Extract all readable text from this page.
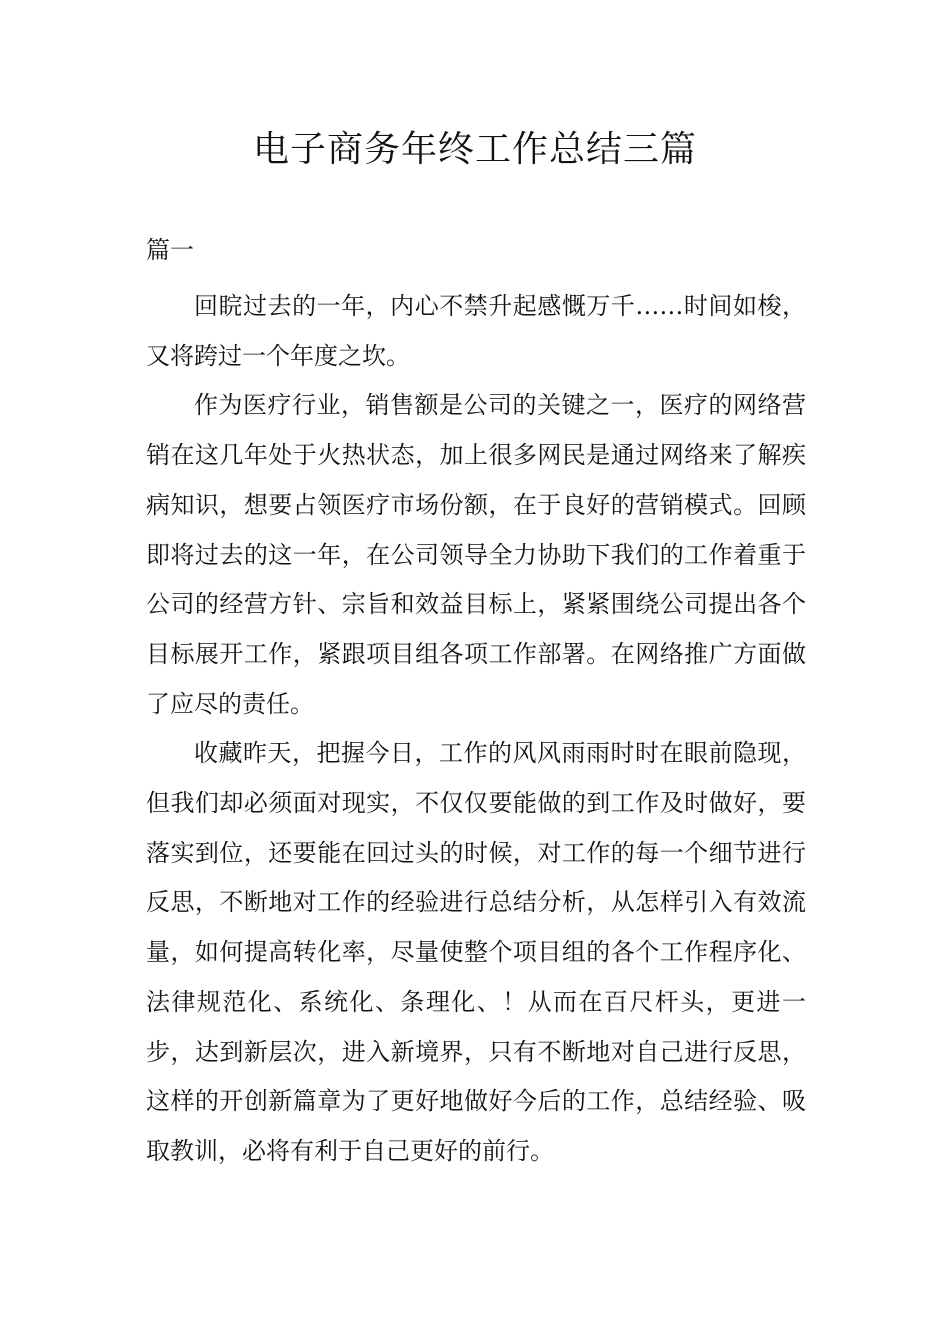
电子商务年终工作总结三篇
篇一

回睆过去的一年，内心不禁升起感慨万千……时间如梭，又将跨过一个年度之坎。

作为医疗行业，销售额是公司的关键之一，医疗的网络营销在这几年处于火热状态，加上很多网民是通过网络来了解疾病知识，想要占领医疗市场份额，在于良好的营销模式。回顾即将过去的这一年，在公司领导全力协助下我们的工作着重于公司的经营方针、宗旨和效益目标上，紧紧围绕公司提出各个目标展开工作，紧跟项目组各项工作部署。在网络推广方面做了应尽的责任。

收藏昨天，把握今日，工作的风风雨雨时时在眼前隐现，但我们却必须面对现实，不仅仅要能做的到工作及时做好，要落实到位，还要能在回过头的时候，对工作的每一个细节进行反思，不断地对工作的经验进行总结分析，从怎样引入有效流量，如何提高转化率，尽量使整个项目组的各个工作程序化、法律规范化、系统化、条理化、！从而在百尺杆头，更进一步，达到新层次，进入新境界，只有不断地对自己进行反思，这样的开创新篇章为了更好地做好今后的工作，总结经验、吸取教训，必将有利于自己更好的前行。
